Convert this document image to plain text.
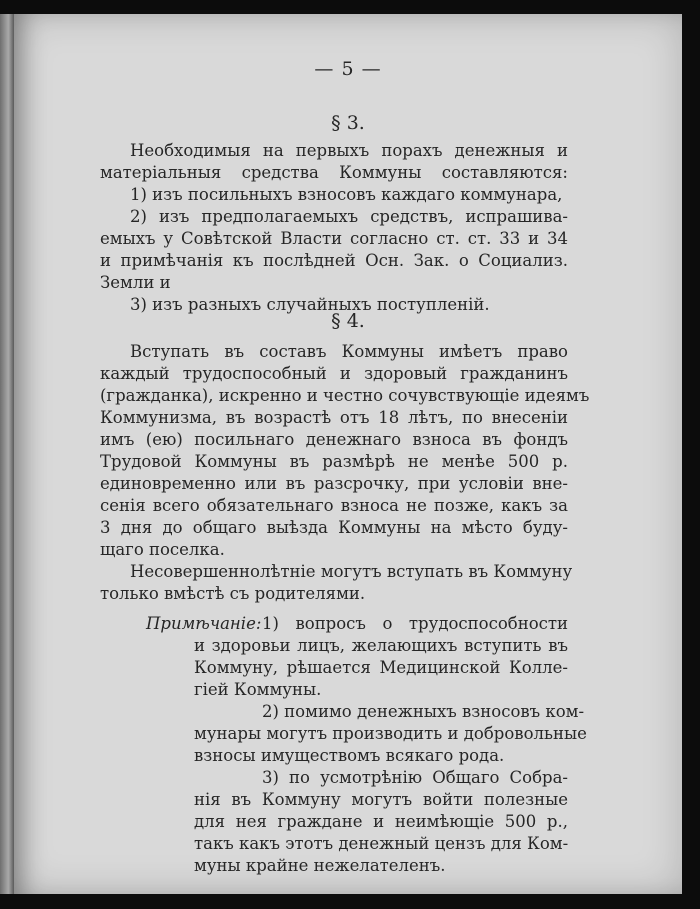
— 5 —
§ 3.
Необходимыя на первыхъ порахъ денежныя и
матеріальныя средства Коммуны составляются:
1) изъ посильныхъ взносовъ каждаго коммунара,
2) изъ предполагаемыхъ средствъ, испрашива-
емыхъ у Совѣтской Власти согласно ст. ст. 33 и 34
и примѣчанія къ послѣдней Осн. Зак. о Социализ.
Земли и
3) изъ разныхъ случайныхъ поступленій.
§ 4.
Вступать въ составъ Коммуны имѣетъ право
каждый трудоспособный и здоровый гражданинъ
(гражданка), искренно и честно сочувствующіе идеямъ
Коммунизма, въ возрастѣ отъ 18 лѣтъ, по внесеніи
имъ (ею) посильнаго денежнаго взноса въ фондъ
Трудовой Коммуны въ размѣрѣ не менѣе 500 р.
единовременно или въ разсрочку, при условіи вне-
сенія всего обязательнаго взноса не позже, какъ за
3 дня до общаго выѣзда Коммуны на мѣсто буду-
щаго поселка.
Несовершеннолѣтніе могутъ вступать въ Коммуну
только вмѣстѣ съ родителями.
Примѣчаніе: 1) вопросъ о трудоспособности
и здоровьи лицъ, желающихъ вступить въ
Коммуну, рѣшается Медицинской Колле-
гіей Коммуны.
2) помимо денежныхъ взносовъ ком-
мунары могутъ производить и добровольные
взносы имуществомъ всякаго рода.
3) по усмотрѣнію Общаго Собра-
нія въ Коммуну могутъ войти полезные
для нея граждане и неимѣющіе 500 р.,
такъ какъ этотъ денежный цензъ для Ком-
муны крайне нежелателенъ.
